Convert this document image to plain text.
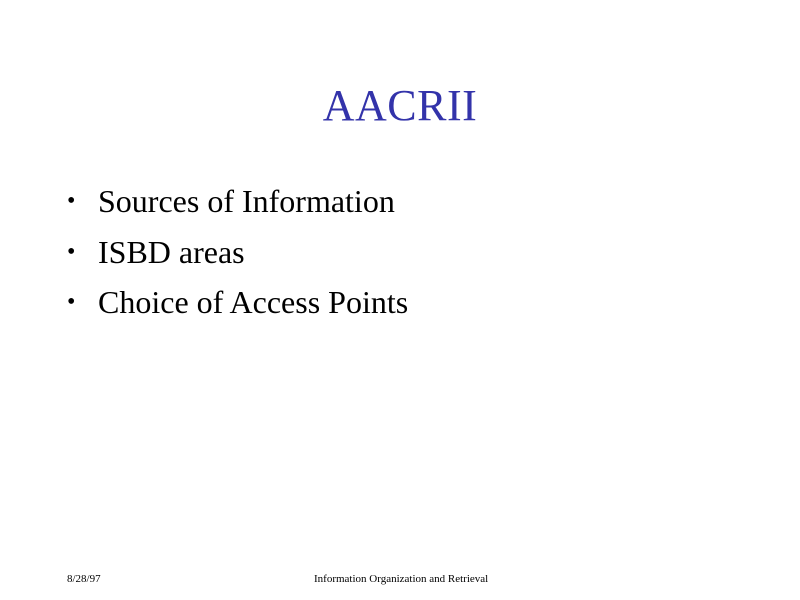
AACRII
• Sources of Information
• ISBD areas
• Choice of Access Points
8/28/97	Information Organization and Retrieval
